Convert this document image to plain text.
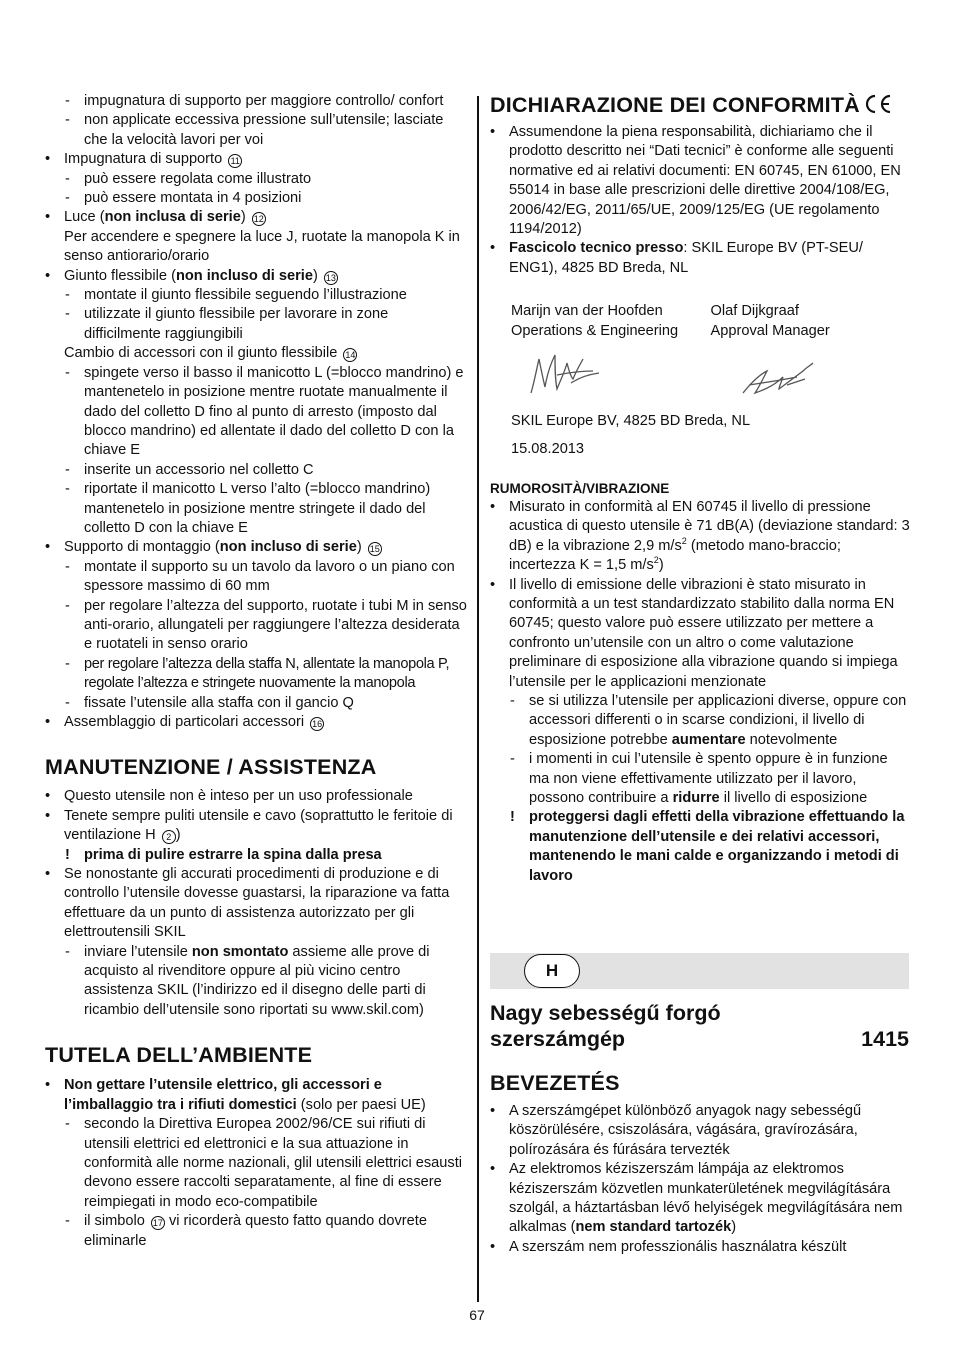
- impugnatura di supporto per maggiore controllo/ confort
- non applicate eccessiva pressione sull’utensile; lasciate che la velocità lavori per voi
• Impugnatura di supporto 11
- può essere regolata come illustrato
- può essere montata in 4 posizioni
• Luce (non inclusa di serie) 12
Per accendere e spegnere la luce J, ruotate la manopola K in senso antiorario/orario
• Giunto flessibile (non incluso di serie) 13
- montate il giunto flessibile seguendo l’illustrazione
- utilizzate il giunto flessibile per lavorare in zone difficilmente raggiungibili
Cambio di accessori con il giunto flessibile 14
- spingete verso il basso il manicotto L (=blocco mandrino) e mantenetelo in posizione mentre ruotate manualmente il dado del colletto D fino al punto di arresto (imposto dal blocco mandrino) ed allentate il dado del colletto D con la chiave E
- inserite un accessorio nel colletto C
- riportate il manicotto L verso l’alto (=blocco mandrino) mantenetelo in posizione mentre stringete il dado del colletto D con la chiave E
• Supporto di montaggio (non incluso di serie) 15
- montate il supporto su un tavolo da lavoro o un piano con spessore massimo di 60 mm
- per regolare l’altezza del supporto, ruotate i tubi M in senso anti-orario, allungateli per raggiungere l’altezza desiderata e ruotateli in senso orario
- per regolare l’altezza della staffa N, allentate la manopola P, regolate l’altezza e stringete nuovamente la manopola
- fissate l’utensile alla staffa con il gancio Q
• Assemblaggio di particolari accessori 16
MANUTENZIONE / ASSISTENZA
• Questo utensile non è inteso per un uso professionale
• Tenete sempre puliti utensile e cavo (soprattutto le feritoie di ventilazione H 2 )
! prima di pulire estrarre la spina dalla presa
• Se nonostante gli accurati procedimenti di produzione e di controllo l’utensile dovesse guastarsi, la riparazione va fatta effettuare da un punto di assistenza autorizzato per gli elettroutensili SKIL
- inviare l’utensile non smontato assieme alle prove di acquisto al rivenditore oppure al più vicino centro assistenza SKIL (l’indirizzo ed il disegno delle parti di ricambio dell’utensile sono riportati su www.skil.com)
TUTELA DELL’AMBIENTE
• Non gettare l’utensile elettrico, gli accessori e l’imballaggio tra i rifiuti domestici (solo per paesi UE)
- secondo la Direttiva Europea 2002/96/CE sui rifiuti di utensili elettrici ed elettronici e la sua attuazione in conformità alle norme nazionali, glil utensili elettrici esausti devono essere raccolti separatamente, al fine di essere reimpiegati in modo eco-compatibile
- il simbolo 17 vi ricorderà questo fatto quando dovrete eliminarle
DICHIARAZIONE DEI CONFORMITÀ
• Assumendone la piena responsabilità, dichiariamo che il prodotto descritto nei “Dati tecnici” è conforme alle seguenti normative ed ai relativi documenti: EN 60745, EN 61000, EN 55014 in base alle prescrizioni delle direttive 2004/108/EG, 2006/42/EG, 2011/65/UE, 2009/125/EG (UE regolamento 1194/2012)
• Fascicolo tecnico presso: SKIL Europe BV (PT-SEU/ ENG1), 4825 BD Breda, NL
Marijn van der Hoofden
Operations & Engineering
Olaf Dijkgraaf
Approval Manager
SKIL Europe BV, 4825 BD Breda, NL
15.08.2013
RUMOROSITÀ/VIBRAZIONE
• Misurato in conformità al EN 60745 il livello di pressione acustica di questo utensile è 71 dB(A) (deviazione standard: 3 dB) e la vibrazione 2,9 $m/s^2$ (metodo mano-braccio; incertezza K = 1,5 $m/s^2$)
• Il livello di emissione delle vibrazioni è stato misurato in conformità a un test standardizzato stabilito dalla norma EN 60745; questo valore può essere utilizzato per mettere a confronto un’utensile con un altro o come valutazione preliminare di esposizione alla vibrazione quando si impiega l’utensile per le applicazioni menzionate
- se si utilizza l’utensile per applicazioni diverse, oppure con accessori differenti o in scarse condizioni, il livello di esposizione potrebbe aumentare notevolmente
- i momenti in cui l’utensile è spento oppure è in funzione ma non viene effettivamente utilizzato per il lavoro, possono contribuire a ridurre il livello di esposizione
! proteggersi dagli effetti della vibrazione effettuando la manutenzione dell’utensile e dei relativi accessori, mantenendo le mani calde e organizzando i metodi di lavoro
H
Nagy sebességű forgó
szerszámgép	1415
BEVEZETÉS
• A szerszámgépet különböző anyagok nagy sebességű köszörülésére, csiszolására, vágására, gravírozására, polírozására és fúrására tervezték
• Az elektromos kéziszerszám lámpája az elektromos kéziszerszám közvetlen munkaterületének megvilágítására szolgál, a háztartásban lévő helyiségek megvilágítására nem alkalmas (nem standard tartozék)
• A szerszám nem professzionális használatra készült
67
